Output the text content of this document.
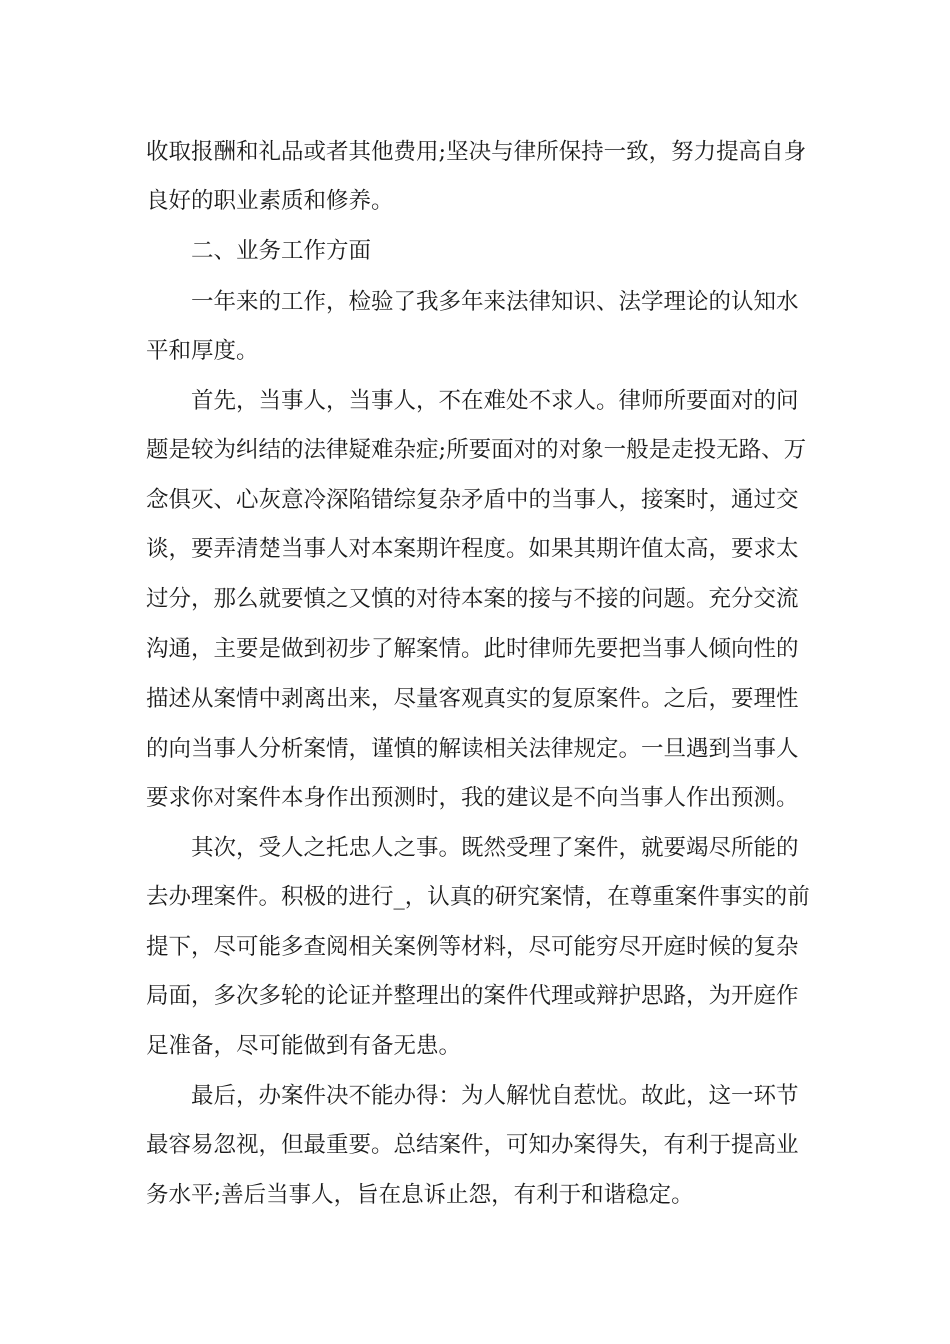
收取报酬和礼品或者其他费用;坚决与律所保持一致，努力提高自身
良好的职业素质和修养。
二、业务工作方面
一年来的工作，检验了我多年来法律知识、法学理论的认知水
平和厚度。
首先，当事人，当事人，不在难处不求人。律师所要面对的问
题是较为纠结的法律疑难杂症;所要面对的对象一般是走投无路、万
念俱灭、心灰意冷深陷错综复杂矛盾中的当事人，接案时，通过交
谈，要弄清楚当事人对本案期许程度。如果其期许值太高，要求太
过分，那么就要慎之又慎的对待本案的接与不接的问题。充分交流
沟通，主要是做到初步了解案情。此时律师先要把当事人倾向性的
描述从案情中剥离出来，尽量客观真实的复原案件。之后，要理性
的向当事人分析案情，谨慎的解读相关法律规定。一旦遇到当事人
要求你对案件本身作出预测时，我的建议是不向当事人作出预测。
其次，受人之托忠人之事。既然受理了案件，就要竭尽所能的
去办理案件。积极的进行_，认真的研究案情，在尊重案件事实的前
提下，尽可能多查阅相关案例等材料，尽可能穷尽开庭时候的复杂
局面，多次多轮的论证并整理出的案件代理或辩护思路，为开庭作
足准备，尽可能做到有备无患。
最后，办案件决不能办得：为人解忧自惹忧。故此，这一环节
最容易忽视，但最重要。总结案件，可知办案得失，有利于提高业
务水平;善后当事人，旨在息诉止怨，有利于和谐稳定。
